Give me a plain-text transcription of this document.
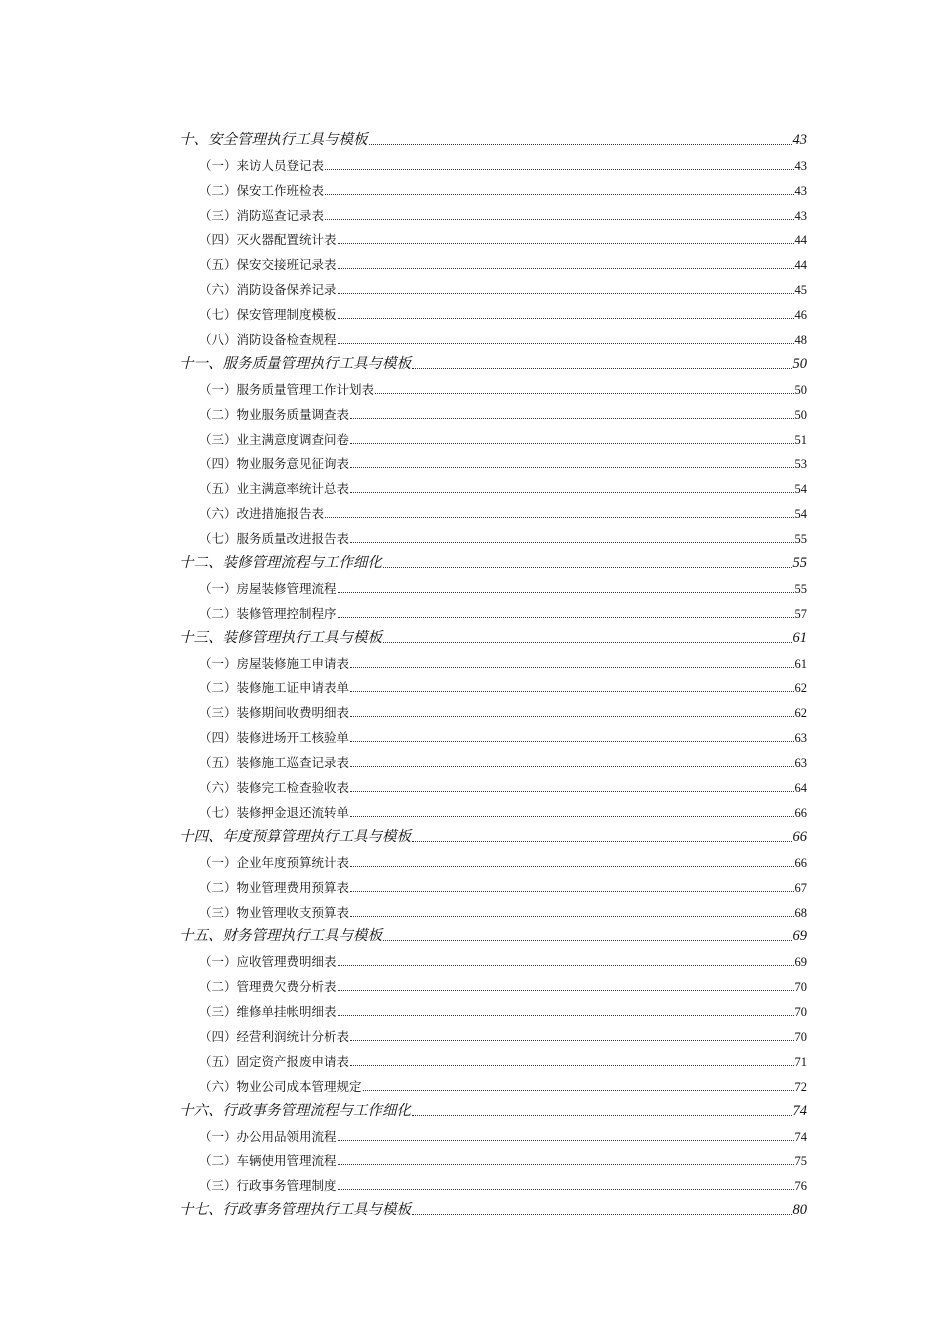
十、安全管理执行工具与模板	43
（一）来访人员登记表	43
（二）保安工作班检表	43
（三）消防巡查记录表	43
（四）灭火器配置统计表	44
（五）保安交接班记录表	44
（六）消防设备保养记录	45
（七）保安管理制度模板	46
（八）消防设备检查规程	48
十一、服务质量管理执行工具与模板	50
（一）服务质量管理工作计划表	50
（二）物业服务质量调查表	50
（三）业主满意度调查问卷	51
（四）物业服务意见征询表	53
（五）业主满意率统计总表	54
（六）改进措施报告表	54
（七）服务质量改进报告表	55
十二、装修管理流程与工作细化	55
（一）房屋装修管理流程	55
（二）装修管理控制程序	57
十三、装修管理执行工具与模板	61
（一）房屋装修施工申请表	61
（二）装修施工证申请表单	62
（三）装修期间收费明细表	62
（四）装修进场开工核验单	63
（五）装修施工巡查记录表	63
（六）装修完工检查验收表	64
（七）装修押金退还流转单	66
十四、年度预算管理执行工具与模板	66
（一）企业年度预算统计表	66
（二）物业管理费用预算表	67
（三）物业管理收支预算表	68
十五、财务管理执行工具与模板	69
（一）应收管理费明细表	69
（二）管理费欠费分析表	70
（三）维修单挂帐明细表	70
（四）经营利润统计分析表	70
（五）固定资产报废申请表	71
（六）物业公司成本管理规定	72
十六、行政事务管理流程与工作细化	74
（一）办公用品领用流程	74
（二）车辆使用管理流程	75
（三）行政事务管理制度	76
十七、行政事务管理执行工具与模板	80
